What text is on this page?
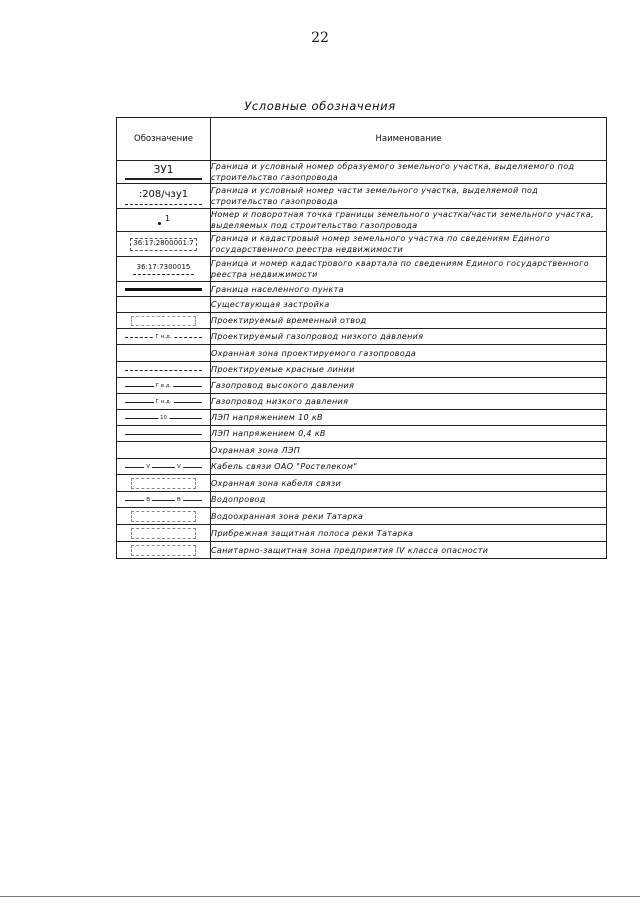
22
Условные обозначения
Обозначение	Наименование

ЗУ1	Граница и условный номер образуемого земельного участка, выделяемого под строительство газопровода

:208/чзу1	Граница и условный номер части земельного участка, выделяемой под строительство газопровода

1	Номер и поворотная точка границы земельного участка/части земельного участка, выделяемых под строительство газопровода

36:17:2800001:7	Граница и кадастровый номер земельного участка по сведениям Единого государственного реестра недвижимости

36:17:7300015	Граница и номер кадастрового квартала по сведениям Единого государственного реестра недвижимости

	Граница населенного пункта
	Существующая застройка

	Проектируемый временный отвод

Г н.д.	Проектируемый газопровод низкого давления
	Охранная зона проектируемого газопровода

	Проектируемые красные линии

Г в.д.	Газопровод высокого давления

Г н.д.	Газопровод низкого давления

10	ЛЭП напряжением 10 кВ

	ЛЭП напряжением 0,4 кВ
	Охранная зона ЛЭП

V V	Кабель связи ОАО "Ростелеком"

	Охранная зона кабеля связи

В В	Водопровод

	Водоохранная зона реки Татарка

	Прибрежная защитная полоса реки Татарка

	Санитарно-защитная зона предприятия IV класса опасности
